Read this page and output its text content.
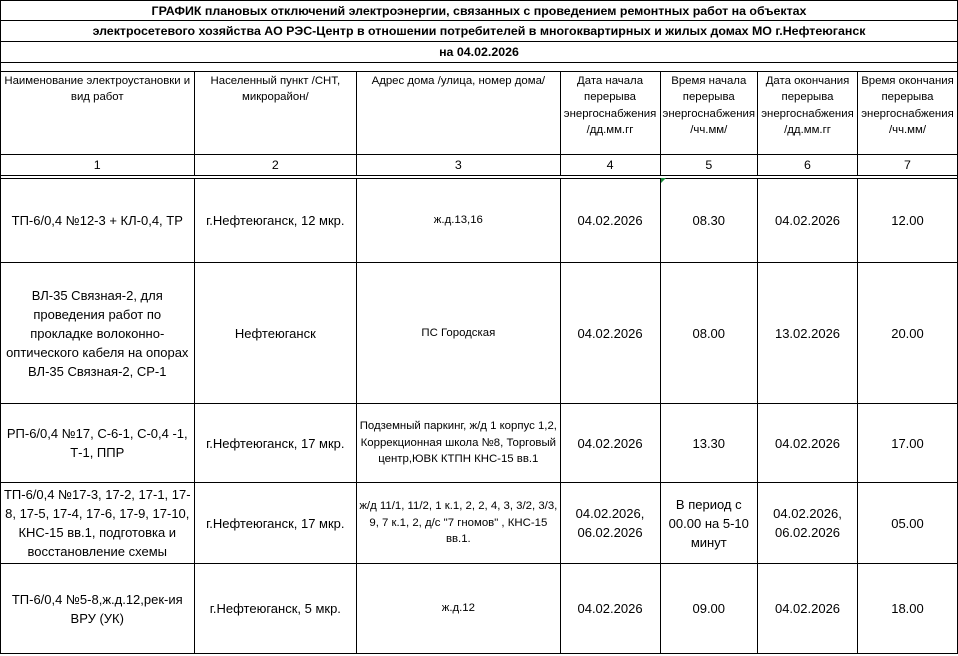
ГРАФИК плановых отключений электроэнергии, связанных с проведением ремонтных работ на объектах						
электросетевого хозяйства АО РЭС-Центр в отношении потребителей в многоквартирных и жилых домах МО г.Нефтеюганск						
на 04.02.2026						

Наименование электроустановки и вид работ	Населенный пункт /СНТ, микрорайон/	Адрес дома /улица, номер дома/	Дата начала перерыва энергоснабжения /дд.мм.гг	Время начала перерыва энергоснабжения /чч.мм/	Дата окончания перерыва энергоснабжения /дд.мм.гг	Время окончания перерыва энергоснабжения /чч.мм/
1	2	3	4	5	6	7

ТП-6/0,4 №12-3 + КЛ-0,4, ТР	г.Нефтеюганск, 12 мкр.	ж.д.13,16	04.02.2026	08.30	04.02.2026	12.00
ВЛ-35 Связная-2, для проведения работ по прокладке волоконно-оптического кабеля на опорах ВЛ-35 Связная-2, СР-1	Нефтеюганск	ПС Городская	04.02.2026	08.00	13.02.2026	20.00
РП-6/0,4 №17, С-6-1, С-0,4 -1, Т-1, ППР	г.Нефтеюганск, 17 мкр.	Подземный паркинг, ж/д 1 корпус 1,2, Коррекционная школа №8, Торговый центр,ЮВК КТПН КНС-15 вв.1	04.02.2026	13.30	04.02.2026	17.00
ТП-6/0,4 №17-3, 17-2, 17-1, 17-8, 17-5, 17-4, 17-6, 17-9, 17-10, КНС-15 вв.1, подготовка и восстановление схемы	г.Нефтеюганск, 17 мкр.	ж/д 11/1, 11/2, 1 к.1, 2, 2, 4, 3, 3/2, 3/3, 9, 7 к.1, 2, д/с "7 гномов" , КНС-15 вв.1.	04.02.2026, 06.02.2026	В период с 00.00 на 5-10 минут	04.02.2026, 06.02.2026	05.00
ТП-6/0,4 №5-8,ж.д.12,рек-ия ВРУ (УК)	г.Нефтеюганск, 5 мкр.	ж.д.12	04.02.2026	09.00	04.02.2026	18.00
